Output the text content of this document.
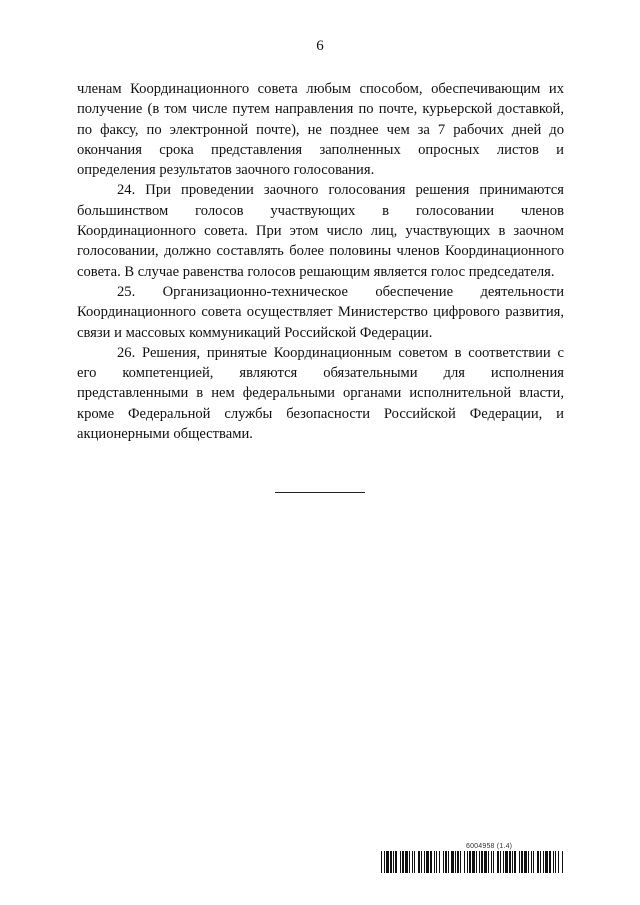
6

членам Координационного совета любым способом, обеспечивающим их получение (в том числе путем направления по почте, курьерской доставкой, по факсу, по электронной почте), не позднее чем за 7 рабочих дней до окончания срока представления заполненных опросных листов и определения результатов заочного голосования.

24. При проведении заочного голосования решения принимаются большинством голосов участвующих в голосовании членов Координационного совета. При этом число лиц, участвующих в заочном голосовании, должно составлять более половины членов Координационного совета. В случае равенства голосов решающим является голос председателя.

25. Организационно-техническое обеспечение деятельности Координационного совета осуществляет Министерство цифрового развития, связи и массовых коммуникаций Российской Федерации.

26. Решения, принятые Координационным советом в соответствии с его компетенцией, являются обязательными для исполнения представленными в нем федеральными органами исполнительной власти, кроме Федеральной службы безопасности Российской Федерации, и акционерными обществами.

6004958 (1.4)
